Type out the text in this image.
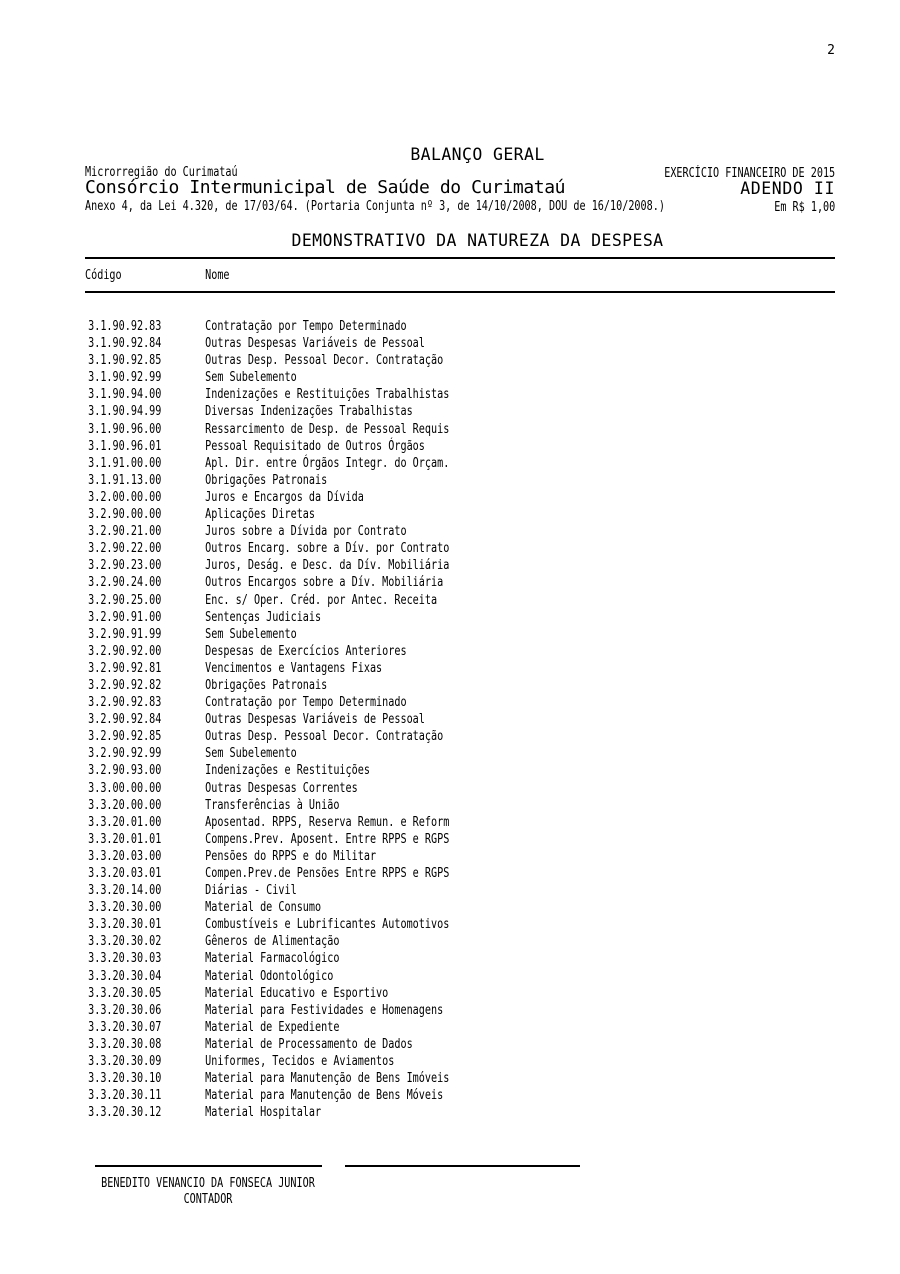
2
BALANÇO GERAL
Microrregião do Curimataú	EXERCÍCIO FINANCEIRO DE 2015
Consórcio Intermunicipal de Saúde do Curimataú	ADENDO II
Anexo 4, da Lei 4.320, de 17/03/64. (Portaria Conjunta nº 3, de 14/10/2008, DOU de 16/10/2008.)	Em R$ 1,00
DEMONSTRATIVO DA NATUREZA DA DESPESA
Código	Nome
3.1.90.92.83	Contratação por Tempo Determinado
3.1.90.92.84	Outras Despesas Variáveis de Pessoal
3.1.90.92.85	Outras Desp. Pessoal Decor. Contratação
3.1.90.92.99	Sem Subelemento
3.1.90.94.00	Indenizações e Restituições Trabalhistas
3.1.90.94.99	Diversas Indenizações Trabalhistas
3.1.90.96.00	Ressarcimento de Desp. de Pessoal Requis
3.1.90.96.01	Pessoal Requisitado de Outros Órgãos
3.1.91.00.00	Apl. Dir. entre Órgãos Integr. do Orçam.
3.1.91.13.00	Obrigações Patronais
3.2.00.00.00	Juros e Encargos da Dívida
3.2.90.00.00	Aplicações Diretas
3.2.90.21.00	Juros sobre a Dívida por Contrato
3.2.90.22.00	Outros Encarg. sobre a Dív. por Contrato
3.2.90.23.00	Juros, Deság. e Desc. da Dív. Mobiliária
3.2.90.24.00	Outros Encargos sobre a Dív. Mobiliária
3.2.90.25.00	Enc. s/ Oper. Créd. por Antec. Receita
3.2.90.91.00	Sentenças Judiciais
3.2.90.91.99	Sem Subelemento
3.2.90.92.00	Despesas de Exercícios Anteriores
3.2.90.92.81	Vencimentos e Vantagens Fixas
3.2.90.92.82	Obrigações Patronais
3.2.90.92.83	Contratação por Tempo Determinado
3.2.90.92.84	Outras Despesas Variáveis de Pessoal
3.2.90.92.85	Outras Desp. Pessoal Decor. Contratação
3.2.90.92.99	Sem Subelemento
3.2.90.93.00	Indenizações e Restituições
3.3.00.00.00	Outras Despesas Correntes
3.3.20.00.00	Transferências à União
3.3.20.01.00	Aposentad. RPPS, Reserva Remun. e Reform
3.3.20.01.01	Compens.Prev. Aposent. Entre RPPS e RGPS
3.3.20.03.00	Pensões do RPPS e do Militar
3.3.20.03.01	Compen.Prev.de Pensões Entre RPPS e RGPS
3.3.20.14.00	Diárias - Civil
3.3.20.30.00	Material de Consumo
3.3.20.30.01	Combustíveis e Lubrificantes Automotivos
3.3.20.30.02	Gêneros de Alimentação
3.3.20.30.03	Material Farmacológico
3.3.20.30.04	Material Odontológico
3.3.20.30.05	Material Educativo e Esportivo
3.3.20.30.06	Material para Festividades e Homenagens
3.3.20.30.07	Material de Expediente
3.3.20.30.08	Material de Processamento de Dados
3.3.20.30.09	Uniformes, Tecidos e Aviamentos
3.3.20.30.10	Material para Manutenção de Bens Imóveis
3.3.20.30.11	Material para Manutenção de Bens Móveis
3.3.20.30.12	Material Hospitalar
BENEDITO VENANCIO DA FONSECA JUNIOR
CONTADOR
